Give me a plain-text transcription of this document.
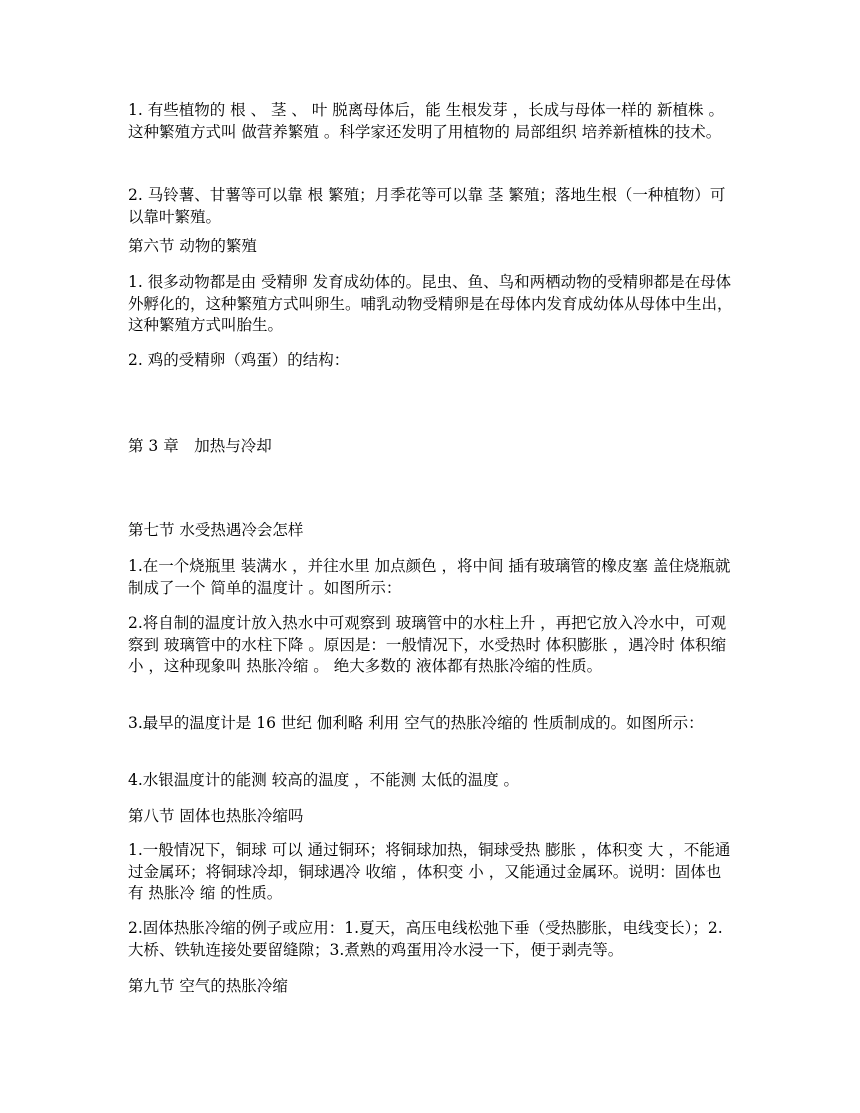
1. 有些植物的 根 、 茎 、 叶 脱离母体后，能 生根发芽 ，长成与母体一样的 新植株 。这种繁殖方式叫 做营养繁殖 。科学家还发明了用植物的 局部组织 培养新植株的技术。

2. 马铃薯、甘薯等可以靠 根 繁殖；月季花等可以靠 茎 繁殖；落地生根（一种植物）可以靠叶繁殖。

第六节 动物的繁殖

1. 很多动物都是由 受精卵 发育成幼体的。昆虫、鱼、鸟和两栖动物的受精卵都是在母体 外孵化的，这种繁殖方式叫卵生。哺乳动物受精卵是在母体内发育成幼体从母体中生出， 这种繁殖方式叫胎生。

2. 鸡的受精卵（鸡蛋）的结构：

第 3 章　加热与冷却

第七节 水受热遇冷会怎样

1.在一个烧瓶里 装满水 ，并往水里 加点颜色 ，将中间 插有玻璃管的橡皮塞 盖住烧瓶就制成了一个 简单的温度计 。如图所示：

2.将自制的温度计放入热水中可观察到 玻璃管中的水柱上升 ，再把它放入冷水中，可观察到 玻璃管中的水柱下降 。原因是：一般情况下，水受热时 体积膨胀 ，遇冷时 体积缩小 ，这种现象叫 热胀冷缩 。 绝大多数的 液体都有热胀冷缩的性质。

3.最早的温度计是 16 世纪 伽利略 利用 空气的热胀冷缩的 性质制成的。如图所示：

4.水银温度计的能测 较高的温度 ，不能测 太低的温度 。

第八节 固体也热胀冷缩吗

1.一般情况下，铜球 可以 通过铜环；将铜球加热，铜球受热 膨胀 ，体积变 大 ，不能通过金属环；将铜球冷却，铜球遇冷 收缩 ，体积变 小 ，又能通过金属环。说明：固体也有 热胀冷 缩 的性质。

2.固体热胀冷缩的例子或应用：1.夏天，高压电线松弛下垂（受热膨胀，电线变长）；2.大桥、铁轨连接处要留缝隙；3.煮熟的鸡蛋用冷水浸一下，便于剥壳等。

第九节 空气的热胀冷缩
